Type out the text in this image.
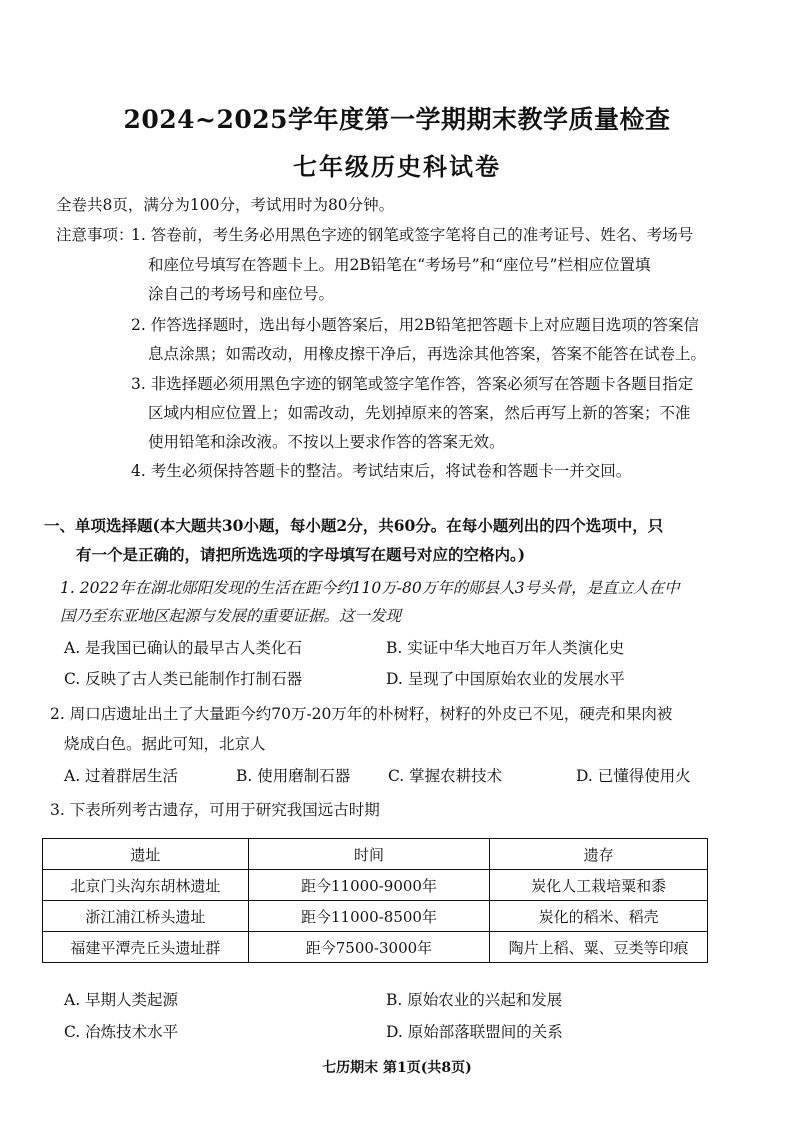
2024~2025学年度第一学期期末教学质量检查
七年级历史科试卷
全卷共8页，满分为100分，考试用时为80分钟。
注意事项：
1. 答卷前，考生务必用黑色字迹的钢笔或签字笔将自己的准考证号、姓名、考场号
和座位号填写在答题卡上。用2B铅笔在“考场号”和“座位号”栏相应位置填
涂自己的考场号和座位号。
2. 作答选择题时，选出每小题答案后，用2B铅笔把答题卡上对应题目选项的答案信
息点涂黑；如需改动，用橡皮擦干净后，再选涂其他答案，答案不能答在试卷上。
3. 非选择题必须用黑色字迹的钢笔或签字笔作答，答案必须写在答题卡各题目指定
区域内相应位置上；如需改动，先划掉原来的答案，然后再写上新的答案；不准
使用铅笔和涂改液。不按以上要求作答的答案无效。
4. 考生必须保持答题卡的整洁。考试结束后，将试卷和答题卡一并交回。
一、单项选择题(本大题共30小题，每小题2分，共60分。在每小题列出的四个选项中，只
有一个是正确的，请把所选选项的字母填写在题号对应的空格内。)
1. 2022年在湖北郧阳发现的生活在距今约110万-80万年的郧县人3号头骨，是直立人在中
国乃至东亚地区起源与发展的重要证据。这一发现
A. 是我国已确认的最早古人类化石	B. 实证中华大地百万年人类演化史
C. 反映了古人类已能制作打制石器	D. 呈现了中国原始农业的发展水平
2. 周口店遗址出土了大量距今约70万-20万年的朴树籽，树籽的外皮已不见，硬壳和果肉被
烧成白色。据此可知，北京人
A. 过着群居生活	B. 使用磨制石器 C. 掌握农耕技术	D. 已懂得使用火
3. 下表所列考古遗存，可用于研究我国远古时期
遗址	时间	遗存
北京门头沟东胡林遗址	距今11000-9000年	炭化人工栽培粟和黍
浙江浦江桥头遗址	距今11000-8500年	炭化的稻米、稻壳
福建平潭壳丘头遗址群	距今7500-3000年	陶片上稻、粟、豆类等印痕
A. 早期人类起源	B. 原始农业的兴起和发展
C. 冶炼技术水平	D. 原始部落联盟间的关系
七历期末 第1页(共8页)
